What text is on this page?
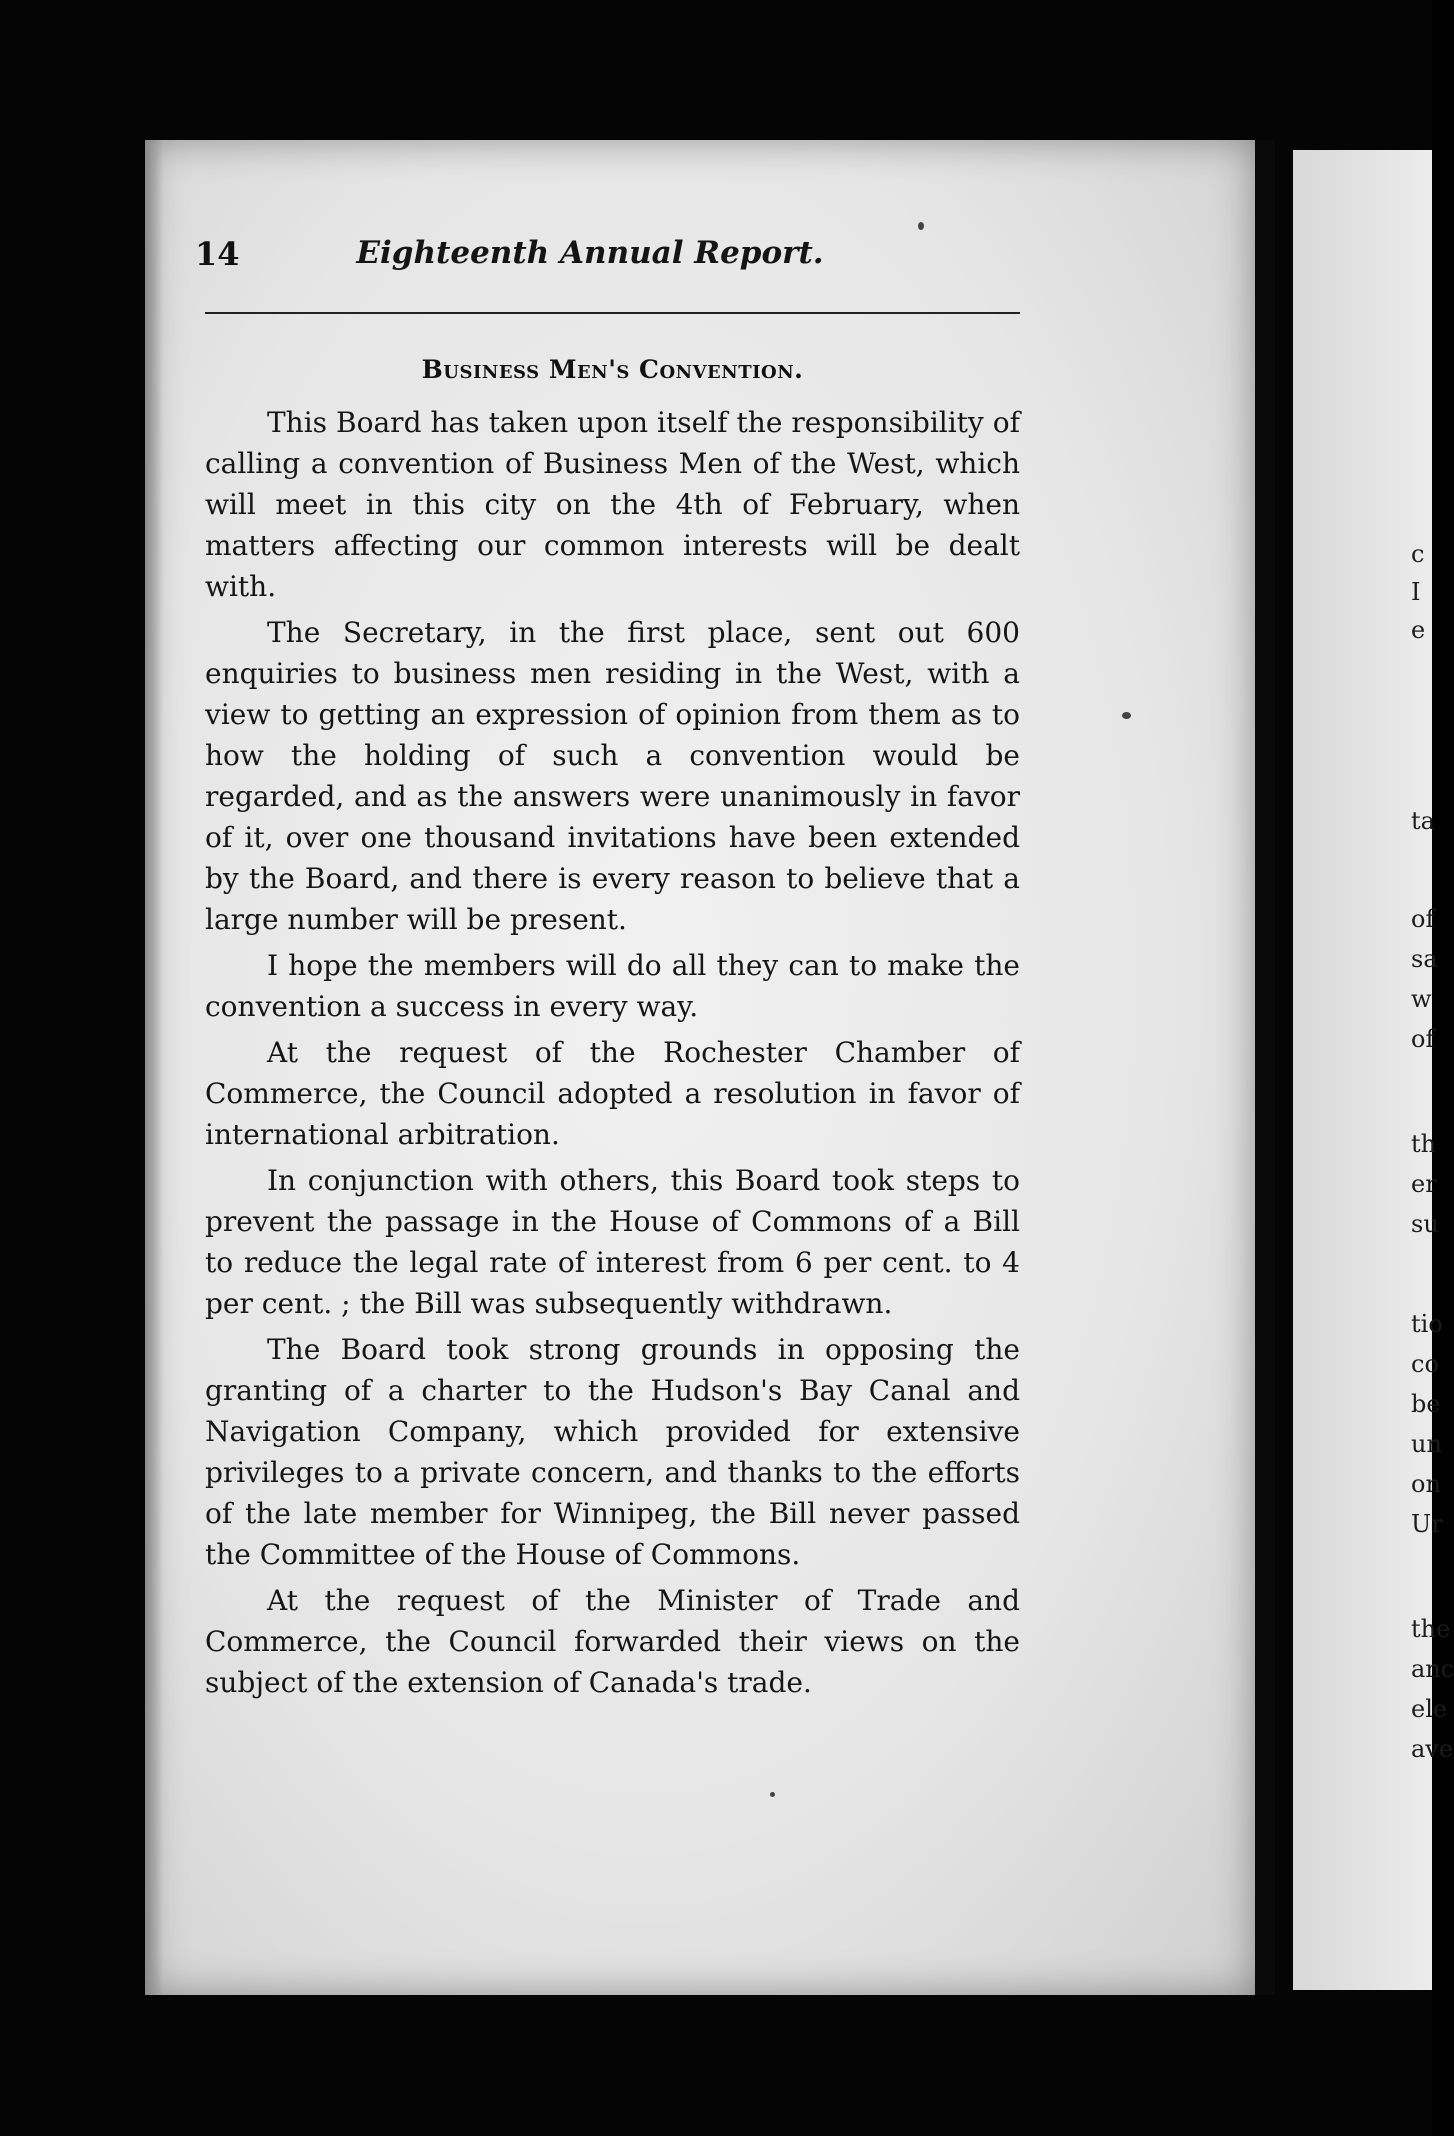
c
I
e
ta
of
sa
w
of
th
er
su
tio
co
be
un
on
Ur
the
anc
ele
ave
14	Eighteenth Annual Report.
Business Men's Convention.

This Board has taken upon itself the responsibility of calling a convention of Business Men of the West, which will meet in this city on the 4th of February, when matters affecting our common interests will be dealt with.

The Secretary, in the first place, sent out 600 enquiries to business men residing in the West, with a view to getting an expression of opinion from them as to how the holding of such a convention would be regarded, and as the answers were unanimously in favor of it, over one thousand invitations have been extended by the Board, and there is every reason to believe that a large number will be present.

I hope the members will do all they can to make the convention a success in every way.

At the request of the Rochester Chamber of Commerce, the Council adopted a resolution in favor of international arbitration.

In conjunction with others, this Board took steps to prevent the passage in the House of Commons of a Bill to reduce the legal rate of interest from 6 per cent. to 4 per cent. ; the Bill was subsequently withdrawn.

The Board took strong grounds in opposing the granting of a charter to the Hudson's Bay Canal and Navigation Company, which provided for extensive privileges to a private concern, and thanks to the efforts of the late member for Winnipeg, the Bill never passed the Committee of the House of Commons.

At the request of the Minister of Trade and Commerce, the Council forwarded their views on the subject of the extension of Canada's trade.
